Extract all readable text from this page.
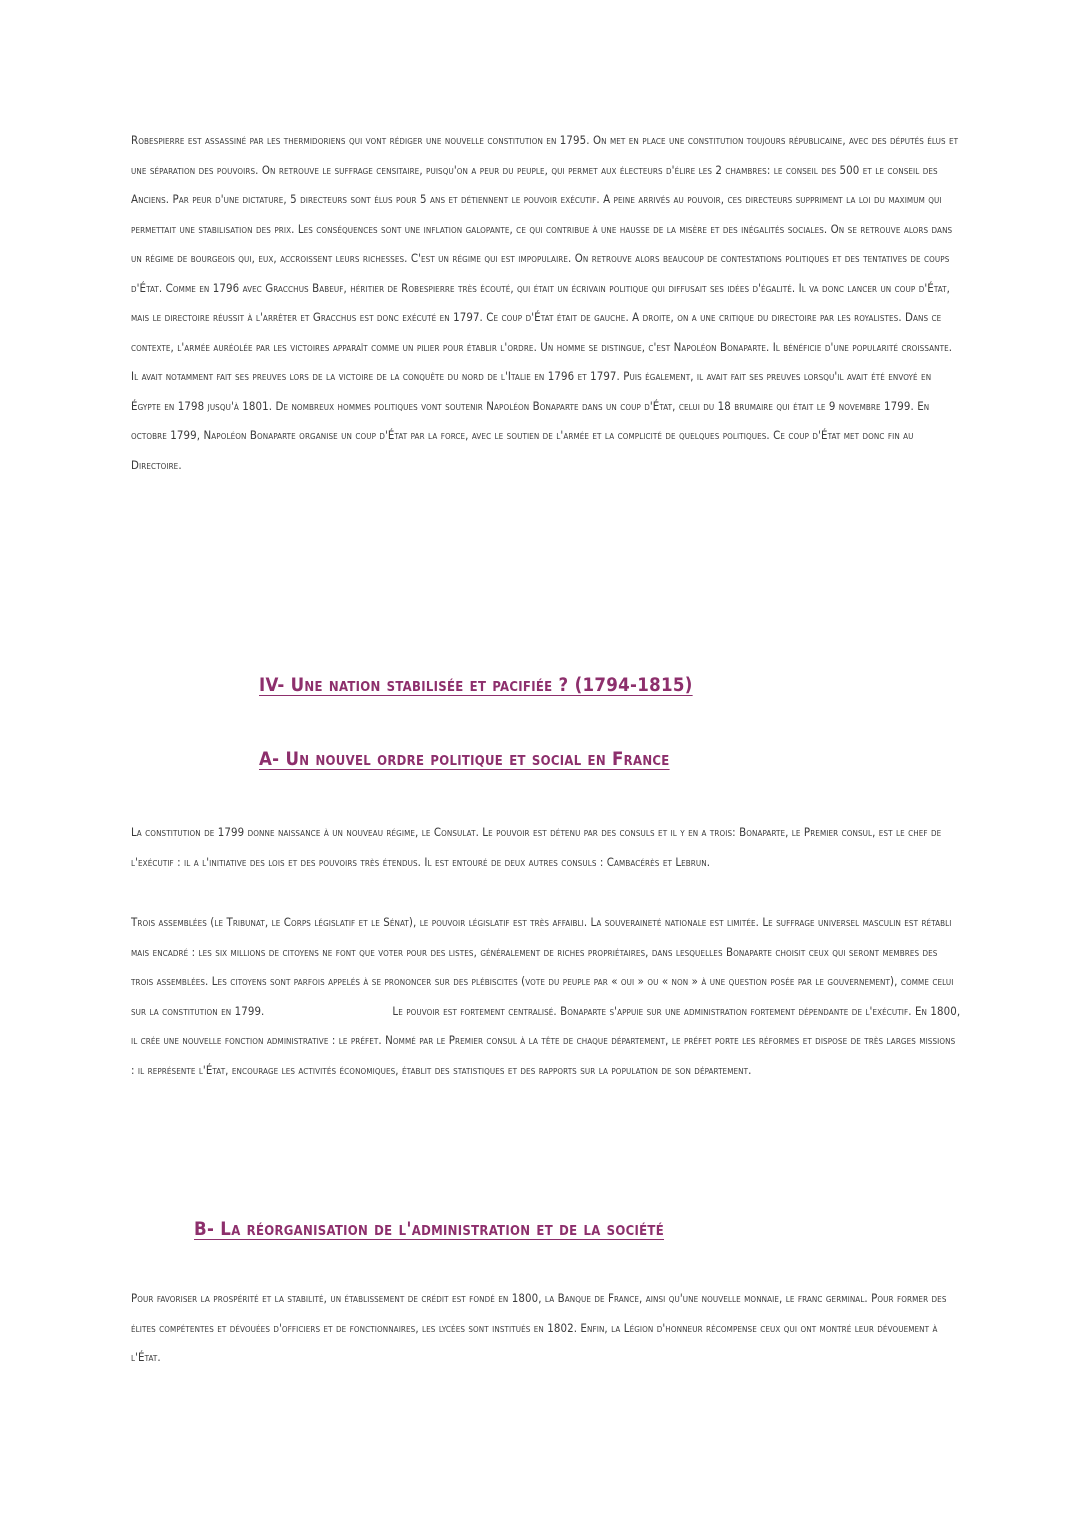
Robespierre est assassiné par les thermidoriens qui vont rédiger une nouvelle constitution en 1795. On met en place une constitution toujours républicaine, avec des députés élus et une séparation des pouvoirs. On retrouve le suffrage censitaire, puisqu'on a peur du peuple, qui permet aux électeurs d'élire les 2 chambres: le conseil des 500 et le conseil des Anciens. Par peur d'une dictature, 5 directeurs sont élus pour 5 ans et détiennent le pouvoir exécutif. A peine arrivés au pouvoir, ces directeurs suppriment la loi du maximum qui permettait une stabilisation des prix. Les conséquences sont une inflation galopante, ce qui contribue à une hausse de la misère et des inégalités sociales. On se retrouve alors dans un régime de bourgeois qui, eux, accroissent leurs richesses. C'est un régime qui est impopulaire. On retrouve alors beaucoup de contestations politiques et des tentatives de coups d'État. Comme en 1796 avec Gracchus Babeuf, héritier de Robespierre très écouté, qui était un écrivain politique qui diffusait ses idées d'égalité. Il va donc lancer un coup d'État, mais le directoire réussit à l'arrêter et Gracchus est donc exécuté en 1797. Ce coup d'État était de gauche. A droite, on a une critique du directoire par les royalistes. Dans ce contexte, l'armée auréolée par les victoires apparaît comme un pilier pour établir l'ordre. Un homme se distingue, c'est Napoléon Bonaparte. Il bénéficie d'une popularité croissante. Il avait notamment fait ses preuves lors de la victoire de la conquête du nord de l'Italie en 1796 et 1797. Puis également, il avait fait ses preuves lorsqu'il avait été envoyé en Égypte en 1798 jusqu'à 1801. De nombreux hommes politiques vont soutenir Napoléon Bonaparte dans un coup d'État, celui du 18 brumaire qui était le 9 novembre 1799. En octobre 1799, Napoléon Bonaparte organise un coup d'État par la force, avec le soutien de l'armée et la complicité de quelques politiques. Ce coup d'État met donc fin au Directoire.

IV- Une nation stabilisée et pacifiée ? (1794-1815)
A- Un nouvel ordre politique et social en France

La constitution de 1799 donne naissance à un nouveau régime, le Consulat. Le pouvoir est détenu par des consuls et il y en a trois: Bonaparte, le Premier consul, est le chef de l'exécutif : il a l'initiative des lois et des pouvoirs très étendus. Il est entouré de deux autres consuls : Cambacérès et Lebrun.

Trois assemblées (le Tribunat, le Corps législatif et le Sénat), le pouvoir législatif est très affaibli. La souveraineté nationale est limitée. Le suffrage universel masculin est rétabli mais encadré : les six millions de citoyens ne font que voter pour des listes, généralement de riches propriétaires, dans lesquelles Bonaparte choisit ceux qui seront membres des trois assemblées. Les citoyens sont parfois appelés à se prononcer sur des plébiscites (vote du peuple par « oui » ou « non » à une question posée par le gouvernement), comme celui sur la constitution en 1799.	Le pouvoir est fortement centralisé. Bonaparte s'appuie sur une administration fortement dépendante de l'exécutif. En 1800, il crée une nouvelle fonction administrative : le préfet. Nommé par le Premier consul à la tête de chaque département, le préfet porte les réformes et dispose de très larges missions : il représente l'État, encourage les activités économiques, établit des statistiques et des rapports sur la population de son département.

B- La réorganisation de l'administration et de la société

Pour favoriser la prospérité et la stabilité, un établissement de crédit est fondé en 1800, la Banque de France, ainsi qu'une nouvelle monnaie, le franc germinal. Pour former des élites compétentes et dévouées d'officiers et de fonctionnaires, les lycées sont institués en 1802. Enfin, la Légion d'honneur récompense ceux qui ont montré leur dévouement à l'État.
